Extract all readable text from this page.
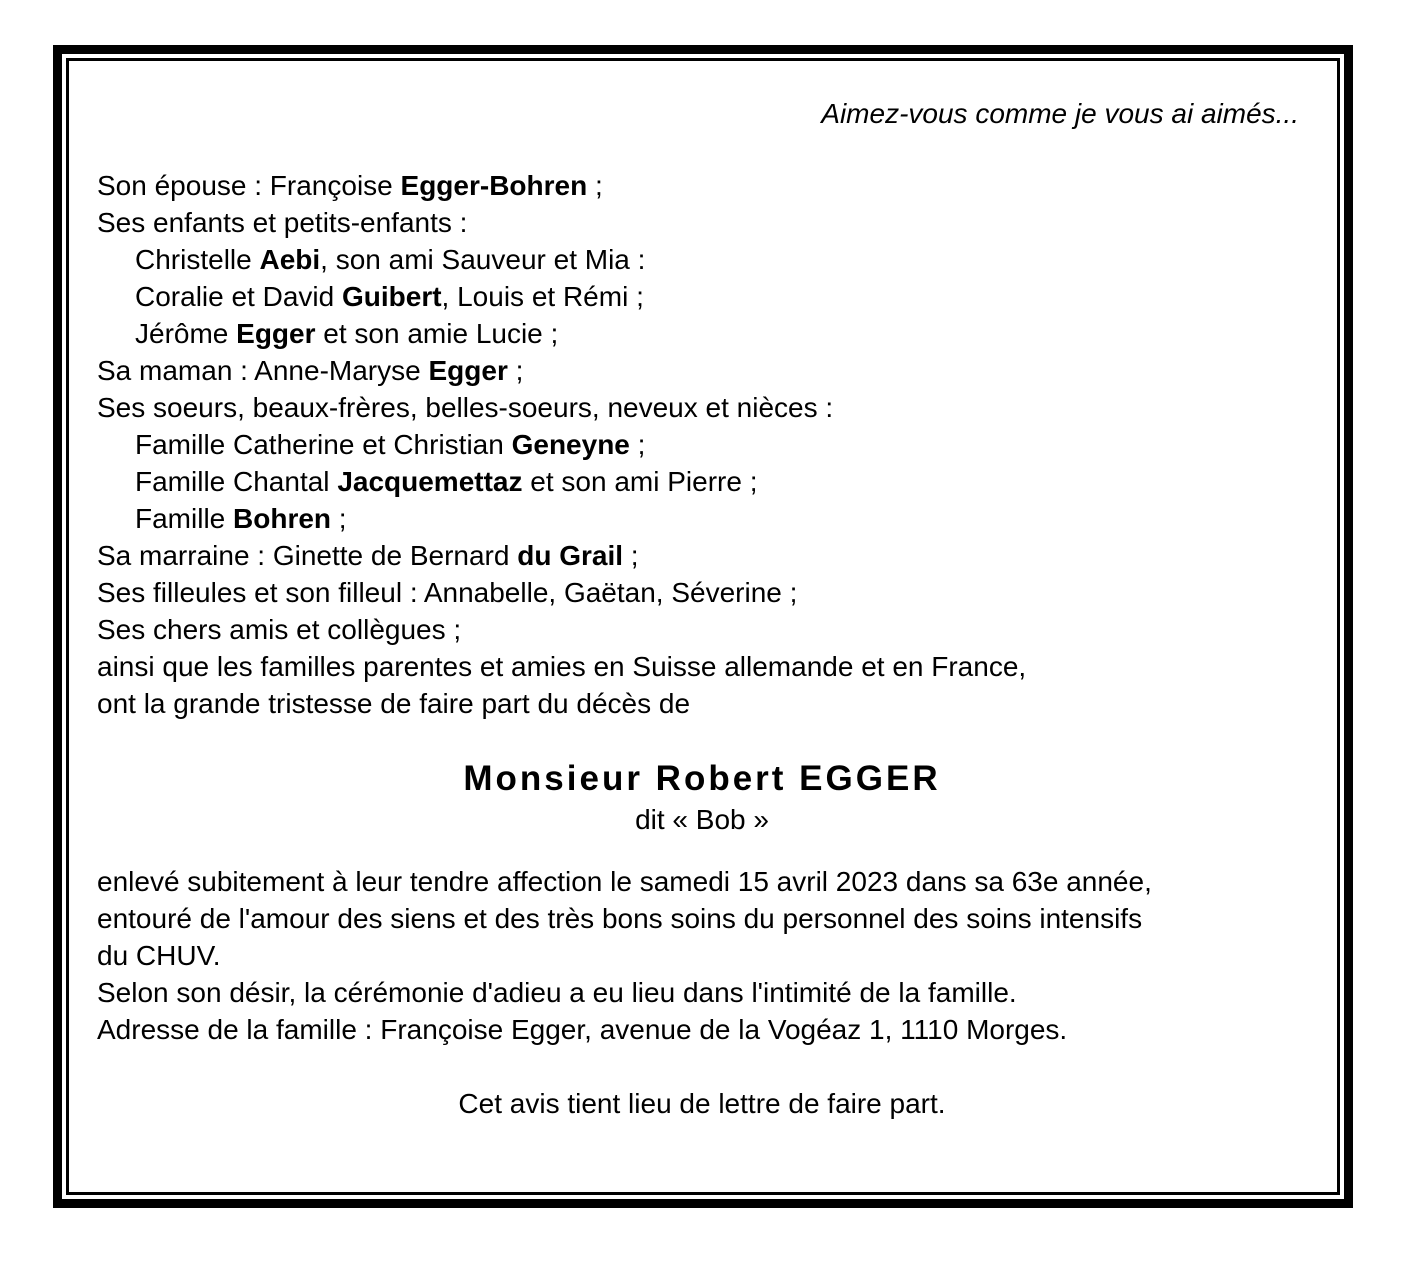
Aimez-vous comme je vous ai aimés...
Son épouse : Françoise Egger-Bohren ;
Ses enfants et petits-enfants :
Christelle Aebi, son ami Sauveur et Mia :
Coralie et David Guibert, Louis et Rémi ;
Jérôme Egger et son amie Lucie ;
Sa maman : Anne-Maryse Egger ;
Ses soeurs, beaux-frères, belles-soeurs, neveux et nièces :
Famille Catherine et Christian Geneyne ;
Famille Chantal Jacquemettaz et son ami Pierre ;
Famille Bohren ;
Sa marraine : Ginette de Bernard du Grail ;
Ses filleules et son filleul : Annabelle, Gaëtan, Séverine ;
Ses chers amis et collègues ;
ainsi que les familles parentes et amies en Suisse allemande et en France,
ont la grande tristesse de faire part du décès de
Monsieur Robert EGGER
dit « Bob »
enlevé subitement à leur tendre affection le samedi 15 avril 2023 dans sa 63e année,
entouré de l'amour des siens et des très bons soins du personnel des soins intensifs
du CHUV.
Selon son désir, la cérémonie d'adieu a eu lieu dans l'intimité de la famille.
Adresse de la famille : Françoise Egger, avenue de la Vogéaz 1, 1110 Morges.
Cet avis tient lieu de lettre de faire part.
